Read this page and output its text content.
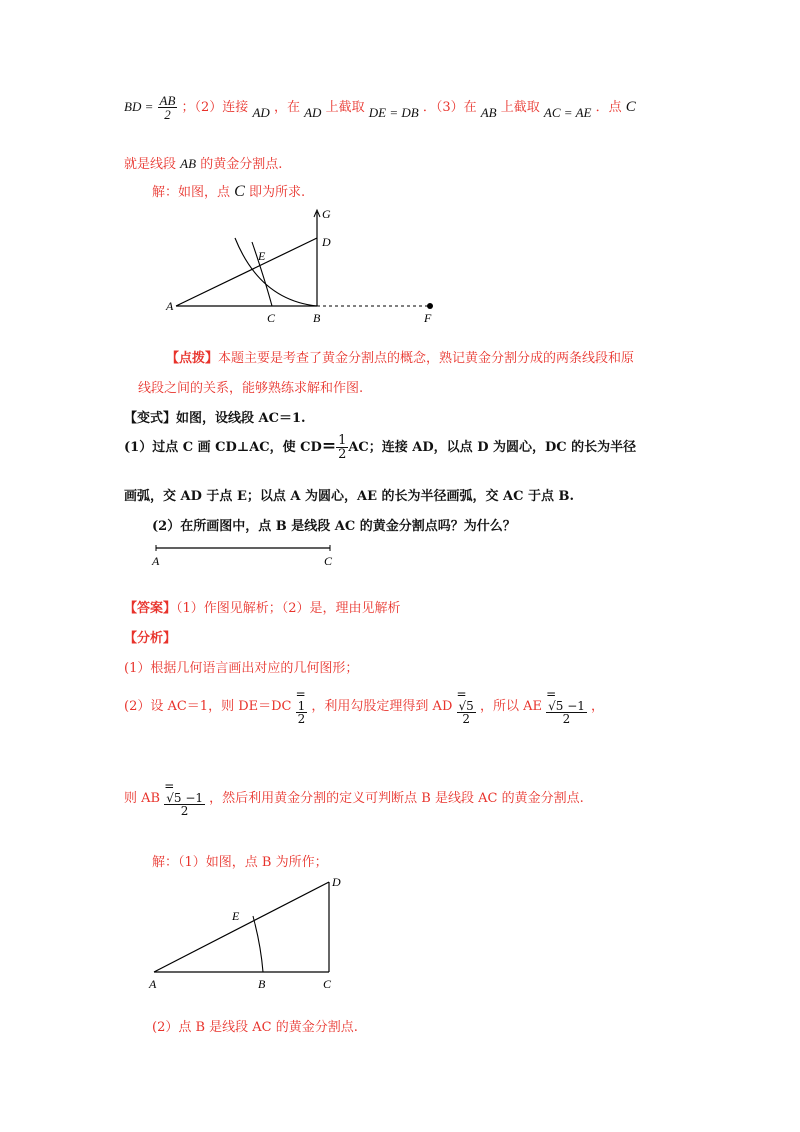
BD = $\frac{AB}{2}$ ；（2）连接 AD ，在 AD 上截取 DE = DB ．（3）在 AB 上截取 AC = AE ．点 C
就是线段 AB 的黄金分割点.
解：如图，点 C 即为所求.
G
D
E
A
C	B	F
【点拨】本题主要是考查了黄金分割点的概念，熟记黄金分割分成的两条线段和原
线段之间的关系，能够熟练求解和作图.
【变式】如图，设线段 AC＝1.
(1）过点 C 画 CD⊥AC，使 $CD= \frac{1}{2}$ AC；连接 AD，以点 D 为圆心，DC 的长为半径
画弧，交 AD 于点 E；以点 A 为圆心，AE 的长为半径画弧，交 AC 于点 B.
(2）在所画图中，点 B 是线段 AC 的黄金分割点吗？为什么？
A	C
【答案】（1）作图见解析；（2）是，理由见解析
【分析】
(1）根据几何语言画出对应的几何图形；
(2）设 AC＝1，则 DE＝DC
=
1
2
，利用勾股定理得到 AD
=
√5
2
，所以 AE
=
√5 −1
2
，
则 AB
=
√5 −1
2
，然后利用黄金分割的定义可判断点 B 是线段 AC 的黄金分割点.
解：（1）如图，点 B 为所作；
D
E
A	B	C
(2）点 B 是线段 AC 的黄金分割点.
